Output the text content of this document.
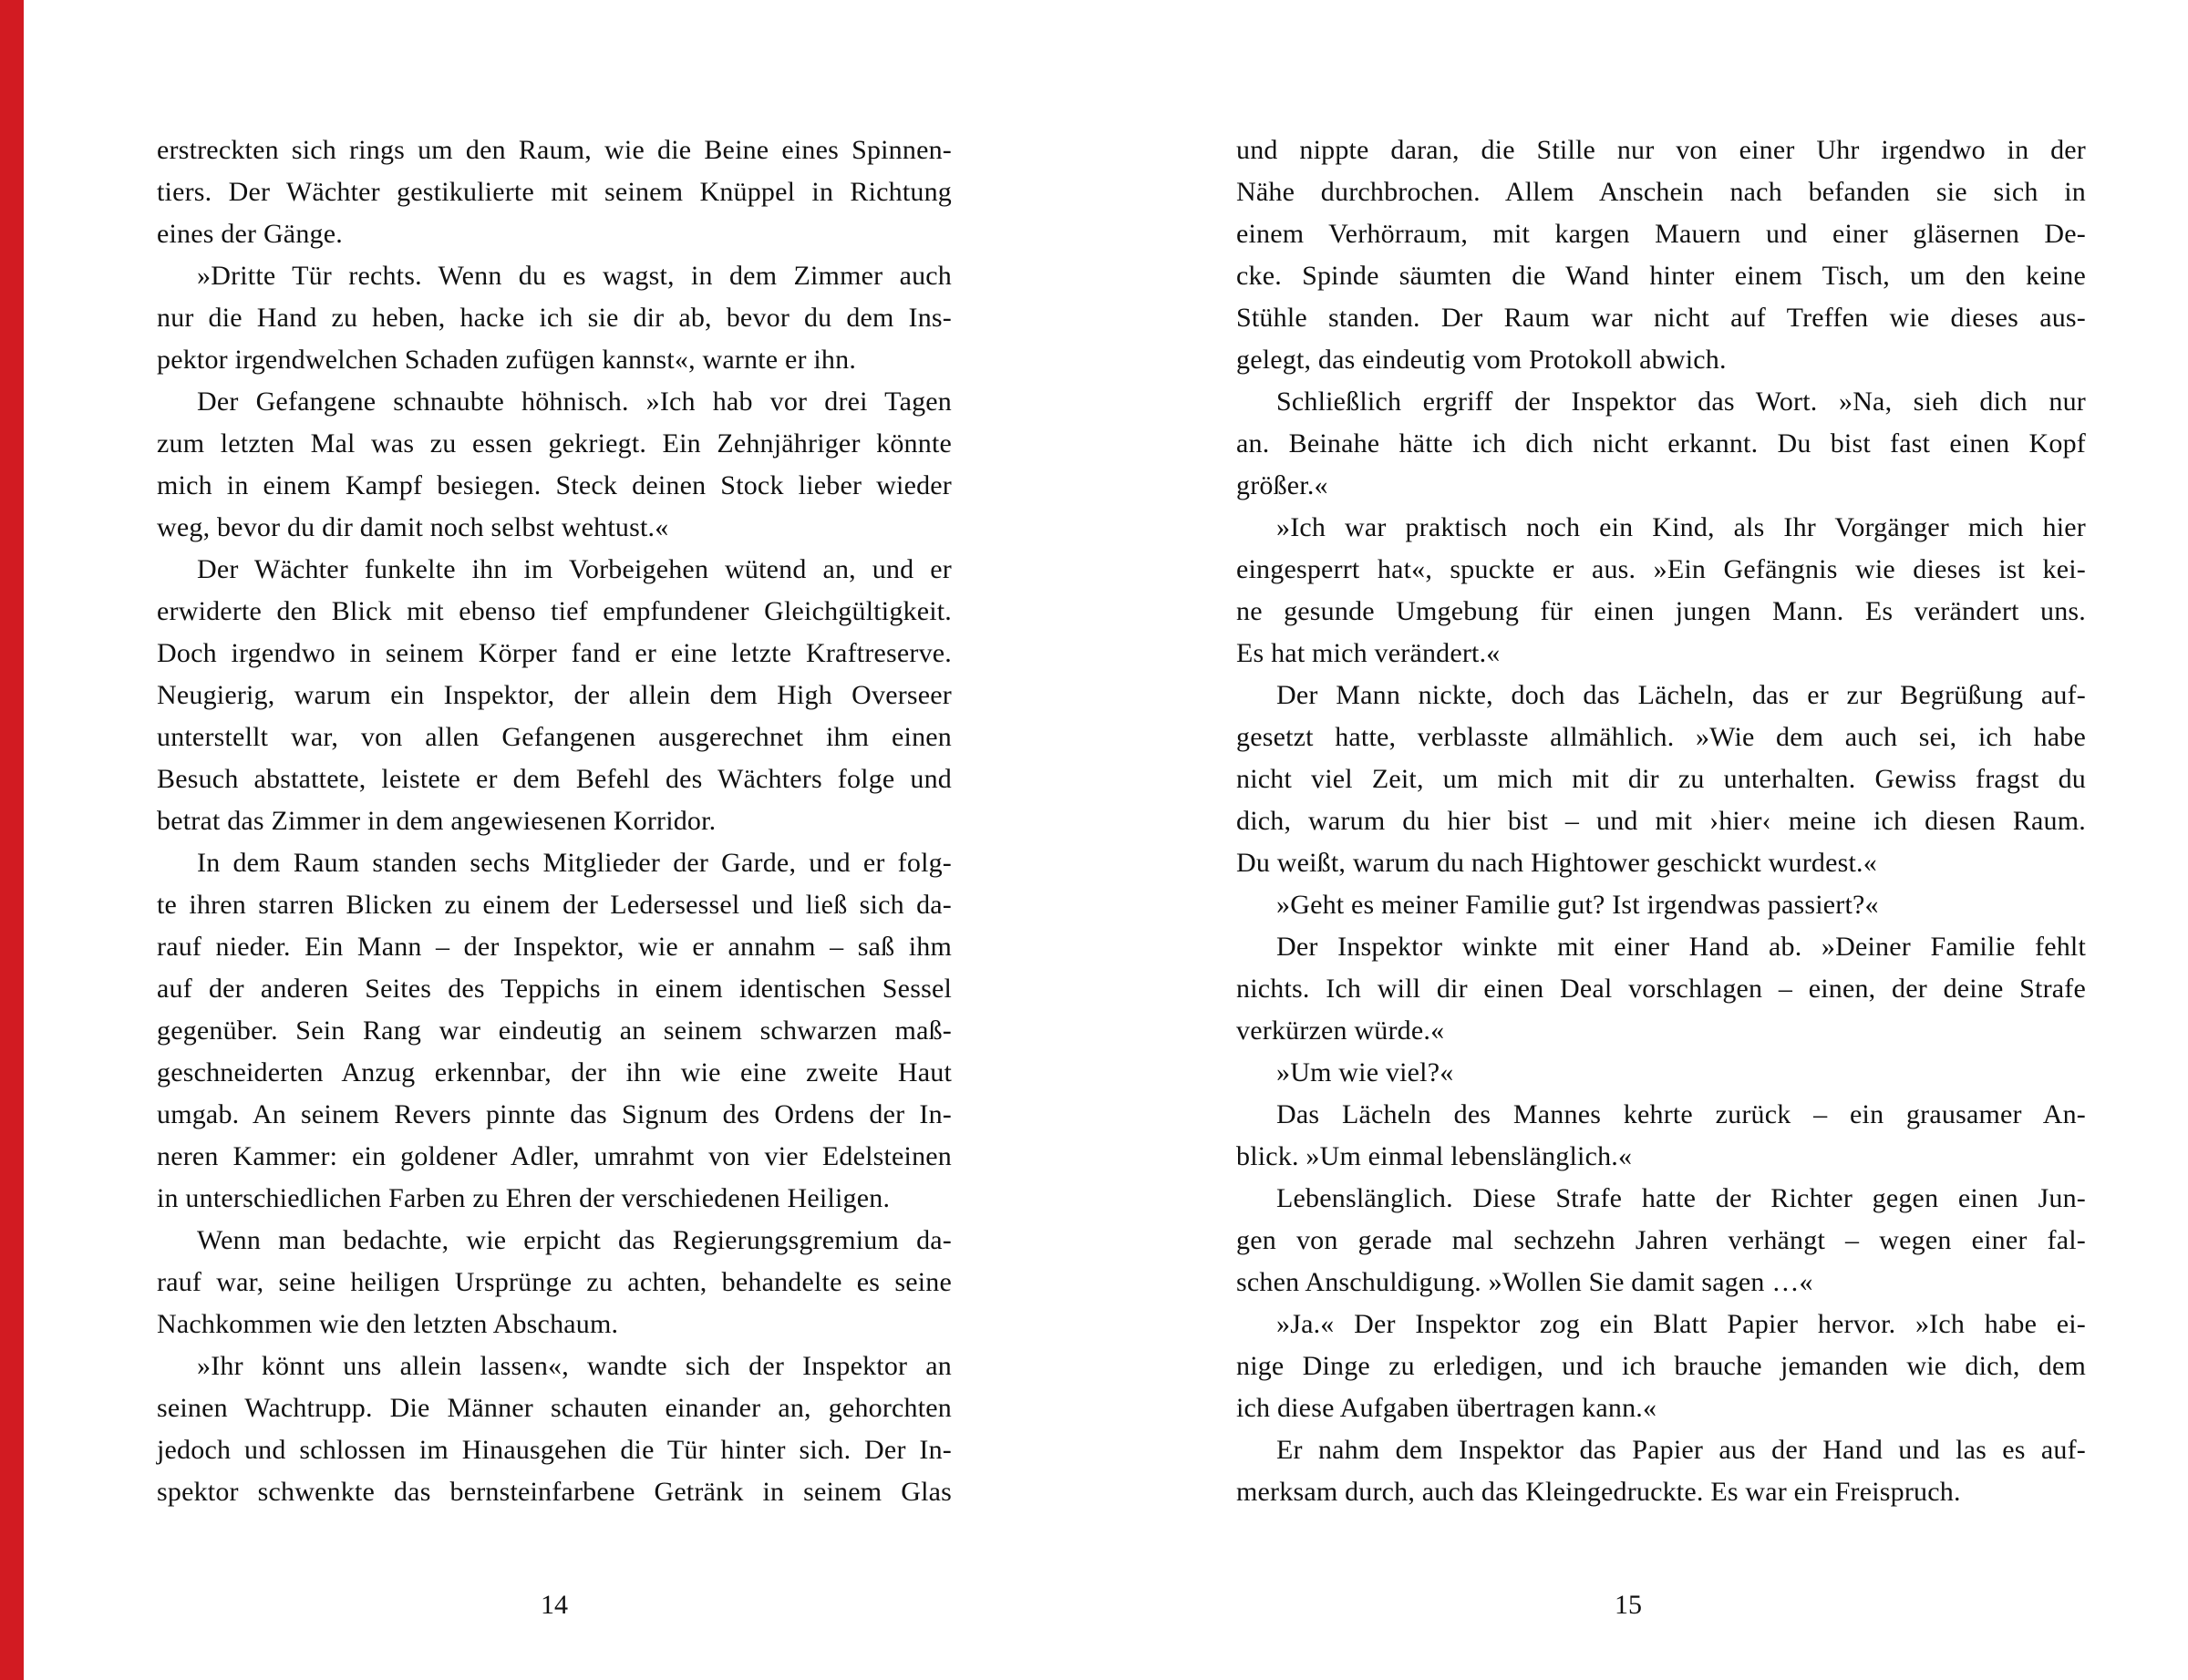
erstreckten sich rings um den Raum, wie die Beine eines Spinnen-
tiers. Der Wächter gestikulierte mit seinem Knüppel in Richtung
eines der Gänge.
»Dritte Tür rechts. Wenn du es wagst, in dem Zimmer auch
nur die Hand zu heben, hacke ich sie dir ab, bevor du dem Ins-
pektor irgendwelchen Schaden zufügen kannst«, warnte er ihn.
Der Gefangene schnaubte höhnisch. »Ich hab vor drei Tagen
zum letzten Mal was zu essen gekriegt. Ein Zehnjähriger könnte
mich in einem Kampf besiegen. Steck deinen Stock lieber wieder
weg, bevor du dir damit noch selbst wehtust.«
Der Wächter funkelte ihn im Vorbeigehen wütend an, und er
erwiderte den Blick mit ebenso tief empfundener Gleichgültigkeit.
Doch irgendwo in seinem Körper fand er eine letzte Kraftreserve.
Neugierig, warum ein Inspektor, der allein dem High Overseer
unterstellt war, von allen Gefangenen ausgerechnet ihm einen
Besuch abstattete, leistete er dem Befehl des Wächters folge und
betrat das Zimmer in dem angewiesenen Korridor.
In dem Raum standen sechs Mitglieder der Garde, und er folg-
te ihren starren Blicken zu einem der Ledersessel und ließ sich da-
rauf nieder. Ein Mann – der Inspektor, wie er annahm – saß ihm
auf der anderen Seites des Teppichs in einem identischen Sessel
gegenüber. Sein Rang war eindeutig an seinem schwarzen maß-
geschneiderten Anzug erkennbar, der ihn wie eine zweite Haut
umgab. An seinem Revers pinnte das Signum des Ordens der In-
neren Kammer: ein goldener Adler, umrahmt von vier Edelsteinen
in unterschiedlichen Farben zu Ehren der verschiedenen Heiligen.
Wenn man bedachte, wie erpicht das Regierungsgremium da-
rauf war, seine heiligen Ursprünge zu achten, behandelte es seine
Nachkommen wie den letzten Abschaum.
»Ihr könnt uns allein lassen«, wandte sich der Inspektor an
seinen Wachtrupp. Die Männer schauten einander an, gehorchten
jedoch und schlossen im Hinausgehen die Tür hinter sich. Der In-
spektor schwenkte das bernsteinfarbene Getränk in seinem Glas
und nippte daran, die Stille nur von einer Uhr irgendwo in der
Nähe durchbrochen. Allem Anschein nach befanden sie sich in
einem Verhörraum, mit kargen Mauern und einer gläsernen De-
cke. Spinde säumten die Wand hinter einem Tisch, um den keine
Stühle standen. Der Raum war nicht auf Treffen wie dieses aus-
gelegt, das eindeutig vom Protokoll abwich.
Schließlich ergriff der Inspektor das Wort. »Na, sieh dich nur
an. Beinahe hätte ich dich nicht erkannt. Du bist fast einen Kopf
größer.«
»Ich war praktisch noch ein Kind, als Ihr Vorgänger mich hier
eingesperrt hat«, spuckte er aus. »Ein Gefängnis wie dieses ist kei-
ne gesunde Umgebung für einen jungen Mann. Es verändert uns.
Es hat mich verändert.«
Der Mann nickte, doch das Lächeln, das er zur Begrüßung auf-
gesetzt hatte, verblasste allmählich. »Wie dem auch sei, ich habe
nicht viel Zeit, um mich mit dir zu unterhalten. Gewiss fragst du
dich, warum du hier bist – und mit ›hier‹ meine ich diesen Raum.
Du weißt, warum du nach Hightower geschickt wurdest.«
»Geht es meiner Familie gut? Ist irgendwas passiert?«
Der Inspektor winkte mit einer Hand ab. »Deiner Familie fehlt
nichts. Ich will dir einen Deal vorschlagen – einen, der deine Strafe
verkürzen würde.«
»Um wie viel?«
Das Lächeln des Mannes kehrte zurück – ein grausamer An-
blick. »Um einmal lebenslänglich.«
Lebenslänglich. Diese Strafe hatte der Richter gegen einen Jun-
gen von gerade mal sechzehn Jahren verhängt – wegen einer fal-
schen Anschuldigung. »Wollen Sie damit sagen …«
»Ja.« Der Inspektor zog ein Blatt Papier hervor. »Ich habe ei-
nige Dinge zu erledigen, und ich brauche jemanden wie dich, dem
ich diese Aufgaben übertragen kann.«
Er nahm dem Inspektor das Papier aus der Hand und las es auf-
merksam durch, auch das Kleingedruckte. Es war ein Freispruch.
14	15
